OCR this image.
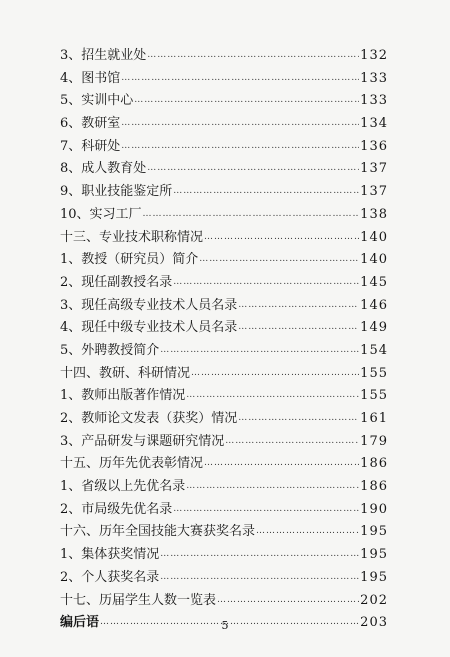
3、招生就业处 ……………………………………………………………………………………………………………………………	132
4、图书馆 ……………………………………………………………………………………………………………………………	133
5、实训中心 ……………………………………………………………………………………………………………………………	133
6、教研室 ……………………………………………………………………………………………………………………………	134
7、科研处 ……………………………………………………………………………………………………………………………	136
8、成人教育处 ……………………………………………………………………………………………………………………………	137
9、职业技能鉴定所 ……………………………………………………………………………………………………………………………	137
10、实习工厂 ……………………………………………………………………………………………………………………………	138
十三、专业技术职称情况 ……………………………………………………………………………………………………………………………	140
1、教授（研究员）简介 ……………………………………………………………………………………………………………………………	140
2、现任副教授名录 ……………………………………………………………………………………………………………………………	145
3、现任高级专业技术人员名录 ……………………………………………………………………………………………………………………………	146
4、现任中级专业技术人员名录 ……………………………………………………………………………………………………………………………	149
5、外聘教授简介 ……………………………………………………………………………………………………………………………	154
十四、教研、科研情况 ……………………………………………………………………………………………………………………………	155
1、教师出版著作情况 ……………………………………………………………………………………………………………………………	155
2、教师论文发表（获奖）情况 ……………………………………………………………………………………………………………………………	161
3、产品研发与课题研究情况 ……………………………………………………………………………………………………………………………	179
十五、历年先优表彰情况 ……………………………………………………………………………………………………………………………	186
1、省级以上先优名录 ……………………………………………………………………………………………………………………………	186
2、市局级先优名录 ……………………………………………………………………………………………………………………………	190
十六、历年全国技能大赛获奖名录 ……………………………………………………………………………………………………………………………	195
1、集体获奖情况 ……………………………………………………………………………………………………………………………	195
2、个人获奖名录 ……………………………………………………………………………………………………………………………	195
十七、历届学生人数一览表 ……………………………………………………………………………………………………………………………	202
编后语 ……………………………………………………………………………………………………………………………	203
5
